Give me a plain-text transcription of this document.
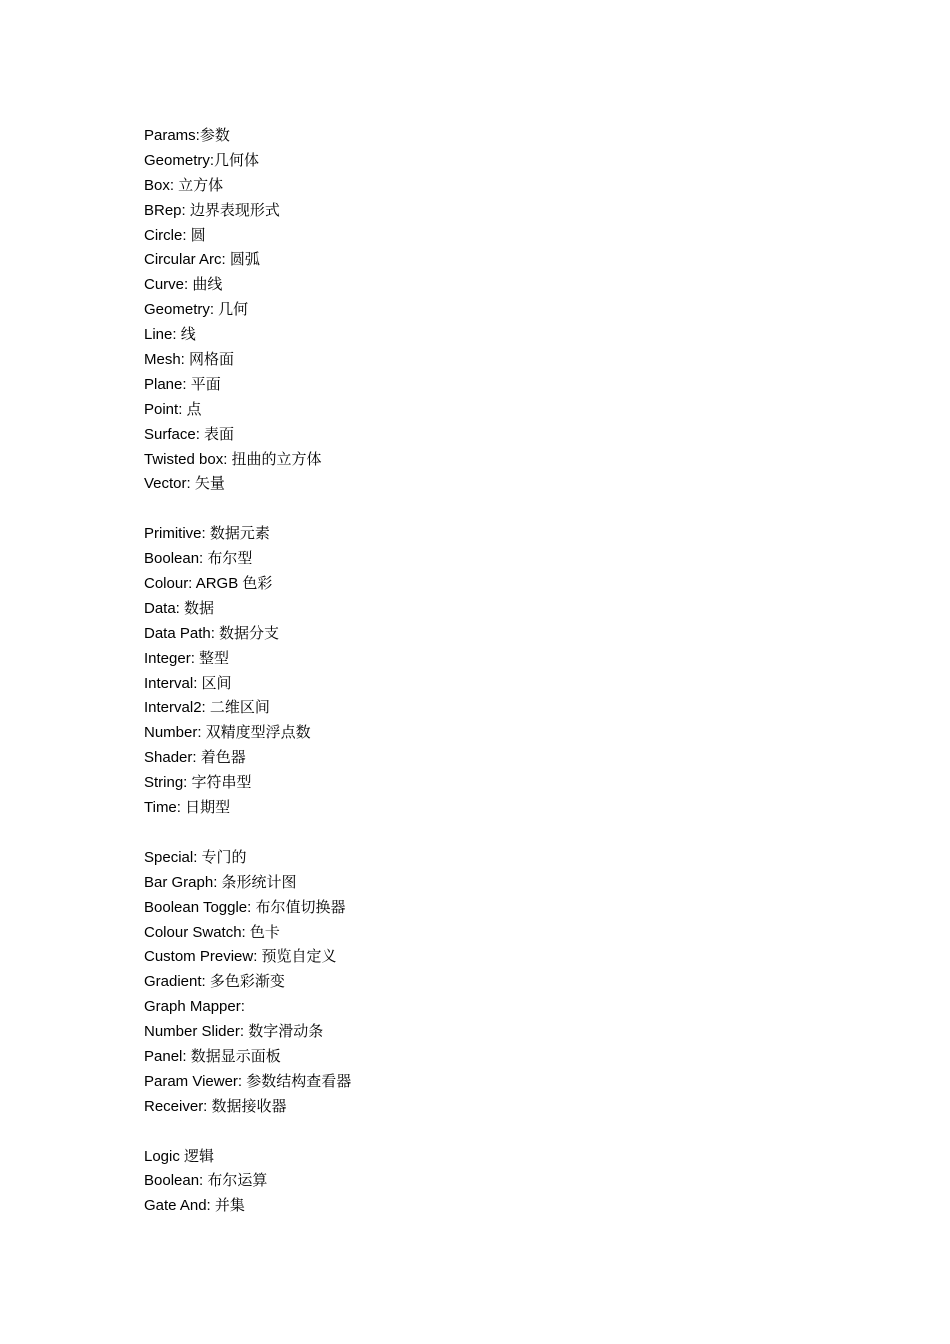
Params:参数
Geometry:几何体
Box: 立方体
BRep: 边界表现形式
Circle: 圆
Circular Arc: 圆弧
Curve: 曲线
Geometry: 几何
Line: 线
Mesh: 网格面
Plane: 平面
Point: 点
Surface: 表面
Twisted box: 扭曲的立方体
Vector: 矢量
Primitive: 数据元素
Boolean: 布尔型
Colour: ARGB 色彩
Data: 数据
Data Path: 数据分支
Integer: 整型
Interval: 区间
Interval2: 二维区间
Number: 双精度型浮点数
Shader: 着色器
String: 字符串型
Time: 日期型
Special: 专门的
Bar Graph: 条形统计图
Boolean Toggle: 布尔值切换器
Colour Swatch: 色卡
Custom Preview: 预览自定义
Gradient: 多色彩渐变
Graph Mapper:
Number Slider: 数字滑动条
Panel: 数据显示面板
Param Viewer: 参数结构查看器
Receiver: 数据接收器
Logic 逻辑
Boolean: 布尔运算
Gate And: 并集
